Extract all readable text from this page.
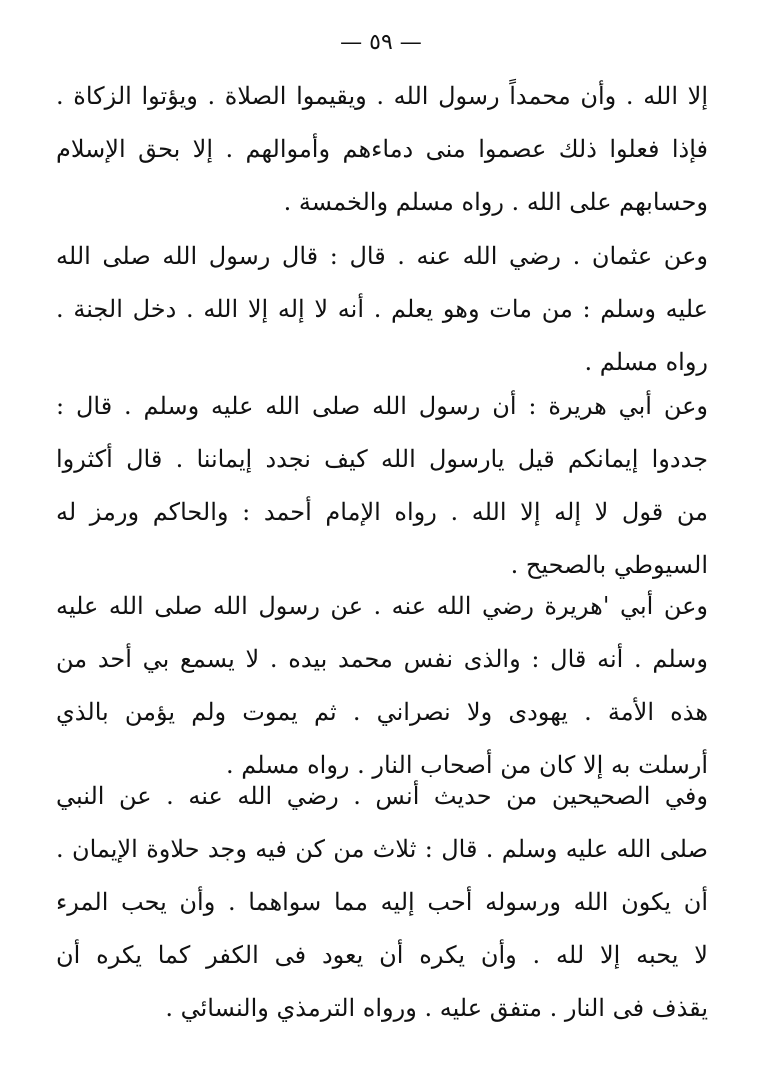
— ٥٩ —
إلا الله . وأن محمداً رسول الله . ويقيموا الصلاة . ويؤتوا الزكاة .
فإذا فعلوا ذلك عصموا منى دماءهم وأموالهم . إلا بحق الإسلام
وحسابهم على الله . رواه مسلم والخمسة .
وعن عثمان . رضي الله عنه . قال : قال رسول الله صلى الله
عليه وسلم : من مات وهو يعلم . أنه لا إله إلا الله . دخل الجنة .
رواه مسلم .
وعن أبي هريرة : أن رسول الله صلى الله عليه وسلم . قال :
جددوا إيمانكم قيل يارسول الله كيف نجدد إيماننا . قال أكثروا
من قول لا إله إلا الله . رواه الإمام أحمد : والحاكم ورمز له
السيوطي بالصحيح .
وعن أبي 'هريرة رضي الله عنه . عن رسول الله صلى الله عليه
وسلم . أنه قال : والذى نفس محمد بيده . لا يسمع بي أحد من
هذه الأمة . يهودى ولا نصراني . ثم يموت ولم يؤمن بالذي
أرسلت به إلا كان من أصحاب النار . رواه مسلم .
وفي الصحيحين من حديث أنس . رضي الله عنه . عن النبي
صلى الله عليه وسلم . قال : ثلاث من كن فيه وجد حلاوة الإيمان .
أن يكون الله ورسوله أحب إليه مما سواهما . وأن يحب المرء
لا يحبه إلا لله . وأن يكره أن يعود فى الكفر كما يكره أن
يقذف فى النار . متفق عليه . ورواه الترمذي والنسائي .
